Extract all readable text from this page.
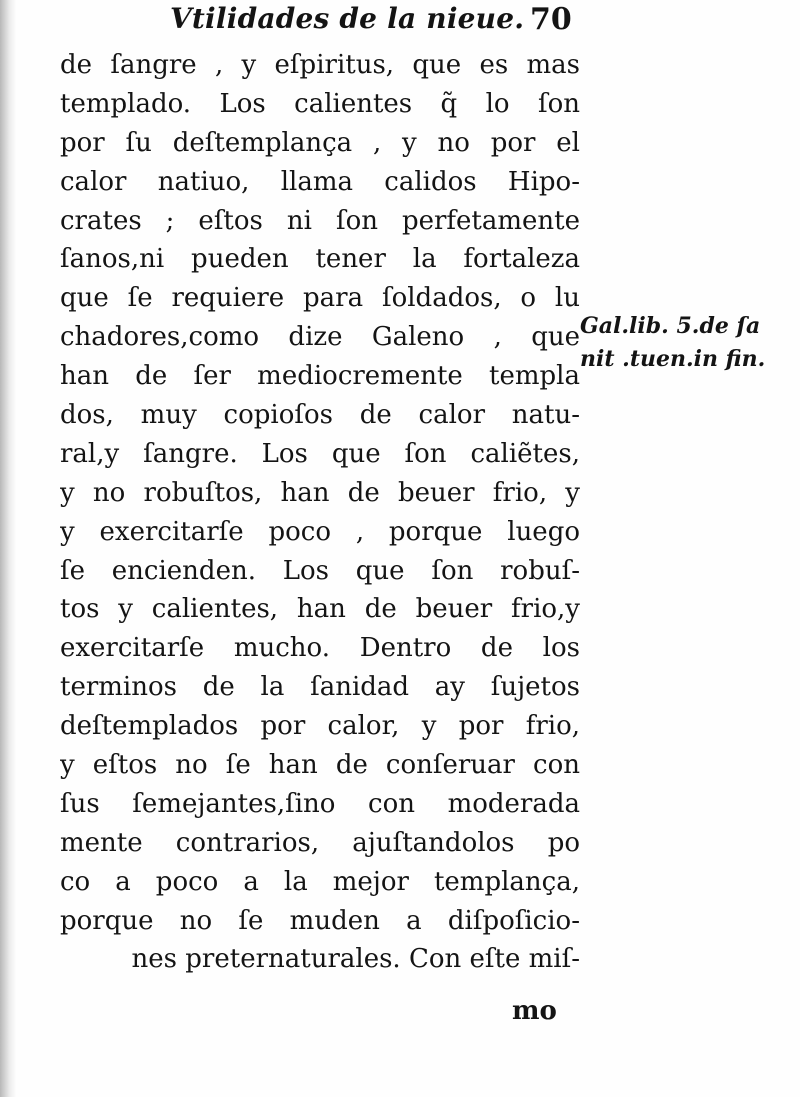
Vtilidades de la nieue. 70
de ſangre , y eſpiritus, que es mas
templado. Los calientes q̃ lo ſon
por ſu deſtemplança , y no por el
calor natiuo, llama calidos Hipo-
crates ; eſtos ni ſon perfetamente
ſanos,ni pueden tener la fortaleza
que ſe requiere para ſoldados, o lu
chadores,como dize Galeno , que
han de ſer mediocremente templa
dos, muy copioſos de calor natu-
ral,y ſangre. Los que ſon caliẽtes,
y no robuſtos, han de beuer frio, y
y exercitarſe poco , porque luego
ſe encienden. Los que ſon robuſ-
tos y calientes, han de beuer frio,y
exercitarſe mucho. Dentro de los
terminos de la ſanidad ay ſujetos
deſtemplados por calor, y por frio,
y eſtos no ſe han de conſeruar con
ſus ſemejantes,ſino con moderada
mente contrarios, ajuſtandolos po
co a poco a la mejor templança,
porque no ſe muden a diſpoſicio-
nes preternaturales. Con eſte miſ-
Gal.lib. 5.de ſa
nit .tuen.in fin.
mo
